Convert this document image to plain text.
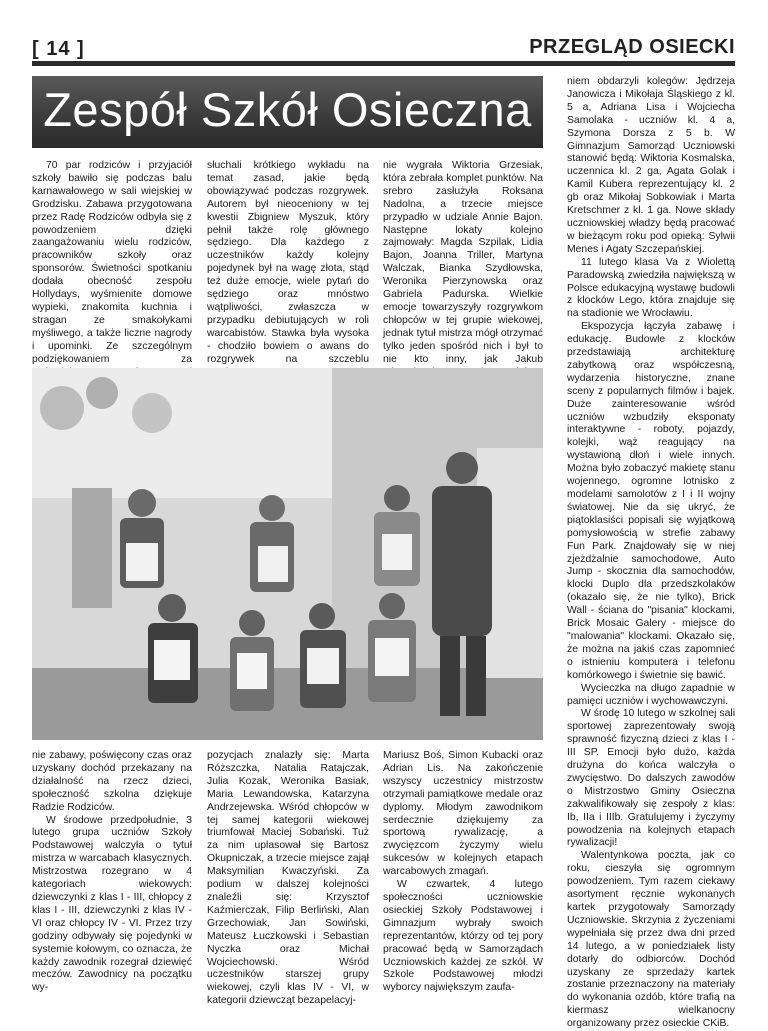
[ 14 ]	PRZEGLĄD OSIECKI
Zespół Szkół Osieczna

70 par rodziców i przyjaciół szkoły bawiło się podczas balu karnawałowego w sali wiejskiej w Grodzisku. Zabawa przygotowana przez Radę Rodziców odbyła się z powodzeniem dzięki zaangażowaniu wielu rodziców, pracowników szkoły oraz sponsorów. Świetności spotkaniu dodała obecność zespołu Hollydays, wyśmienite domowe wypieki, znakomita kuchnia i stragan ze smakołykami myśliwego, a także liczne nagrody i upominki. Ze szczególnym podziękowaniem za

słuchali krótkiego wykładu na temat zasad, jakie będą obowiązywać podczas rozgrywek. Autorem był nieoceniony w tej kwestii Zbigniew Myszuk, który pełnił także rolę głównego sędziego. Dla każdego z uczestników każdy kolejny pojedynek był na wagę złota, stąd też duże emocje, wiele pytań do sędziego oraz mnóstwo wątpliwości, zwłaszcza w przypadku debiutujących w roli warcabistów. Stawka była wysoka - chodziło bowiem o awans do rozgrywek na szczeblu

nie wygrała Wiktoria Grzesiak, która zebrała komplet punktów. Na srebro zasłużyła Roksana Nadolna, a trzecie miejsce przypadło w udziale Annie Bajon. Następne lokaty kolejno zajmowały: Magda Szpilak, Lidia Bajon, Joanna Triller, Martyna Walczak, Bianka Szydłowska, Weronika Pierzynowska oraz Gabriela Padurska. Wielkie emocje towarzyszyły rozgrywkom chłopców w tej grupie wiekowej, jednak tytuł mistrza mógł otrzymać tylko jeden spośród nich i był to nie kto inny, jak Jakub

nie zabawy, poświęcony czas oraz uzyskany dochód przekazany na działalność na rzecz dzieci, społeczność szkolna dziękuje Radzie Rodziców.

W środowe przedpołudnie, 3 lutego grupa uczniów Szkoły Podstawowej walczyła o tytuł mistrza w warcabach klasycznych. Mistrzostwa rozegrano w 4 kategoriach wiekowych: dziewczynki z klas I - III, chłopcy z klas I - III, dziewczynki z klas IV - VI oraz chłopcy IV - VI. Przez trzy godziny odbywały się pojedynki w systemie kołowym, co oznacza, że każdy zawodnik rozegrał dziewięć meczów. Zawodnicy na początku wy-

pozycjach znalazły się: Marta Róższczka, Natalia Ratajczak, Julia Kozak, Weronika Basiak, Maria Lewandowska, Katarzyna Andrzejewska. Wśród chłopców w tej samej kategorii wiekowej triumfował Maciej Sobański. Tuż za nim uplasował się Bartosz Okupniczak, a trzecie miejsce zajął Maksymilian Kwaczyński. Za podium w dalszej kolejności znaleźli się: Krzysztof Kaźmierczak, Filip Berliński, Alan Grzechowiak, Jan Sowiński, Mateusz Łuczkowski i Sebastian Nyczka oraz Michał Wojciechowski. Wśród uczestników starszej grupy wiekowej, czyli klas IV - VI, w kategorii dziewcząt bezapelacyj-

Mariusz Boś, Simon Kubacki oraz Adrian Lis. Na zakończenie wszyscy uczestnicy mistrzostw otrzymali pamiątkowe medale oraz dyplomy. Młodym zawodnikom serdecznie dziękujemy za sportową rywalizację, a zwycięzcom życzymy wielu sukcesów w kolejnych etapach warcabowych zmagań.

W czwartek, 4 lutego społeczności uczniowskie osieckiej Szkoły Podstawowej i Gimnazjum wybrały swoich reprezentantów, którzy od tej pory pracować będą w Samorządach Uczniowskich każdej ze szkół. W Szkole Podstawowej młodzi wyborcy największym zaufa-

niem obdarzyli kolegów: Jędrzeja Janowicza i Mikołaja Śląskiego z kl. 5 a, Adriana Lisa i Wojciecha Samolaka - uczniów kl. 4 a, Szymona Dorsza z 5 b. W Gimnazjum Samorząd Uczniowski stanowić będą: Wiktoria Kosmalska, uczennica kl. 2 ga, Agata Golak i Kamil Kubera reprezentujący kl. 2 gb oraz Mikołaj Sobkowiak i Marta Kretschmer z kl. 1 ga. Nowe składy uczniowskiej władzy będą pracować w bieżącym roku pod opieką: Sylwii Menes i Agaty Szczepańskiej.

11 lutego klasa Va z Wiolettą Paradowską zwiedziła największą w Polsce edukacyjną wystawę budowli z klocków Lego, która znajduje się na stadionie we Wrocławiu.

Ekspozycja łączyła zabawę i edukację. Budowle z klocków przedstawiają architekturę zabytkową oraz współczesną, wydarzenia historyczne, znane sceny z popularnych filmów i bajek. Duże zainteresowanie wśród uczniów wzbudziły eksponaty interaktywne - roboty, pojazdy, kolejki, wąż reagujący na wystawioną dłoń i wiele innych. Można było zobaczyć makietę stanu wojennego, ogromne lotnisko z modelami samolotów z I i II wojny światowej. Nie da się ukryć, że piątoklasiści popisali się wyjątkową pomysłowością w strefie zabawy Fun Park. Znajdowały się w niej zjeżdżalnie samochodowe, Auto Jump - skocznia dla samochodów, klocki Duplo dla przedszkolaków (okazało się, że nie tylko), Brick Wall - ściana do "pisania" klockami, Brick Mosaic Galery - miejsce do "malowania" klockami. Okazało się, że można na jakiś czas zapomnieć o istnieniu komputera i telefonu komórkowego i świetnie się bawić.

Wycieczka na długo zapadnie w pamięci uczniów i wychowawczyni.

W środę 10 lutego w szkolnej sali sportowej zaprezentowały swoją sprawność fizyczną dzieci z klas I - III SP. Emocji było dużo, każda drużyna do końca walczyła o zwycięstwo. Do dalszych zawodów o Mistrzostwo Gminy Osieczna zakwalifikowały się zespoły z klas: Ib, IIa i IIIb. Gratulujemy i życzymy powodzenia na kolejnych etapach rywalizacji!

Walentynkowa poczta, jak co roku, cieszyła się ogromnym powodzeniem. Tym razem ciekawy asortyment ręcznie wykonanych kartek przygotowały Samorządy Uczniowskie. Skrzynia z życzeniami wypełniała się przez dwa dni przed 14 lutego, a w poniedziałek listy dotarły do odbiorców. Dochód uzyskany ze sprzedaży kartek zostanie przeznaczony na materiały do wykonania ozdób, które trafią na kiermasz wielkanocny organizowany przez osieckie CKiB.
